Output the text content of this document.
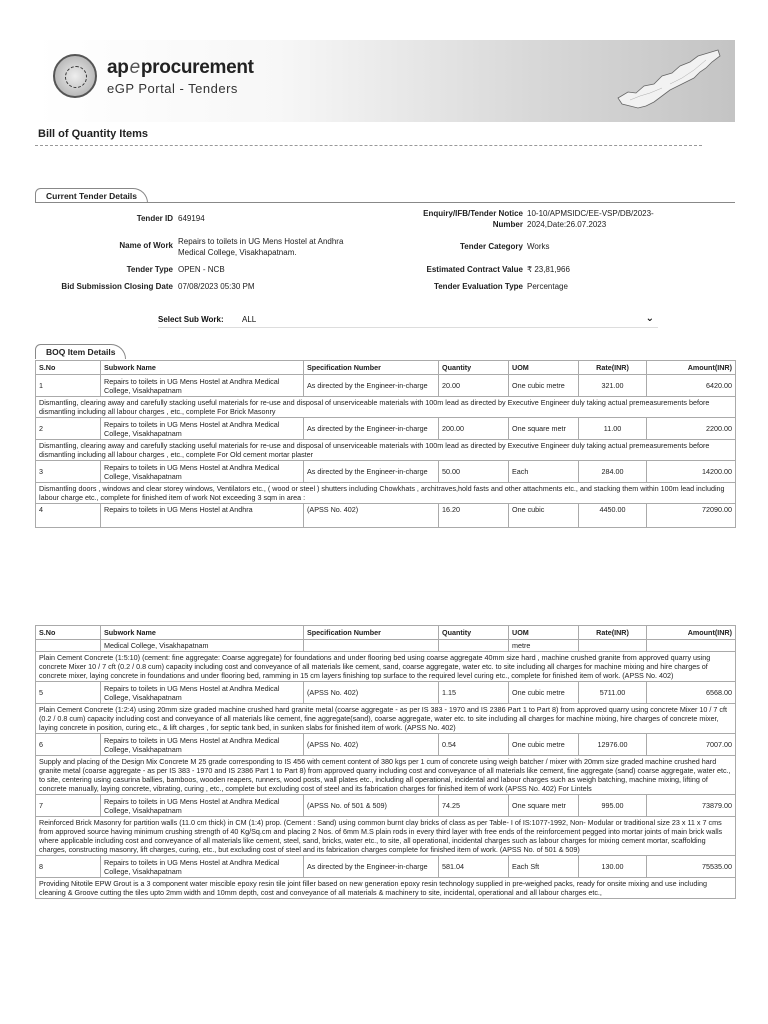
apeprocurement
eGP Portal - Tenders
Bill of Quantity Items
Current Tender Details
Tender ID 649194
Name of Work Repairs to toilets in UG Mens Hostel at Andhra Medical College, Visakhapatnam.
Tender Type OPEN - NCB
Bid Submission Closing Date 07/08/2023 05:30 PM
Enquiry/IFB/Tender Notice
Number
10-10/APMSIDC/EE-VSP/DB/2023-
2024,Date:26.07.2023
Tender Category Works
Estimated Contract Value ₹ 23,81,966
Tender Evaluation Type Percentage
Select Sub Work: ALL	⌄
BOQ Item Details
S.No	Subwork Name	Specification Number	Quantity	UOM	Rate(INR)	Amount(INR)
1	Repairs to toilets in UG Mens Hostel at Andhra Medical College, Visakhapatnam	As directed by the Engineer-in-charge	20.00	One cubic metre	321.00	6420.00
Dismantling, clearing away and carefully stacking useful materials for re-use and disposal of unserviceable materials with 100m lead as directed by Executive Engineer duly taking actual premeasurements before dismantling including all labour charges , etc., complete For Brick Masonry						
2	Repairs to toilets in UG Mens Hostel at Andhra Medical College, Visakhapatnam	As directed by the Engineer-in-charge	200.00	One square metr	11.00	2200.00
Dismantling, clearing away and carefully stacking useful materials for re-use and disposal of unserviceable materials with 100m lead as directed by Executive Engineer duly taking actual premeasurements before dismantling including all labour charges , etc., complete For Old cement mortar plaster						
3	Repairs to toilets in UG Mens Hostel at Andhra Medical College, Visakhapatnam	As directed by the Engineer-in-charge	50.00	Each	284.00	14200.00
Dismantling doors , windows and clear storey windows, Ventilators etc., ( wood or steel ) shutters including Chowkhats , architraves,hold fasts and other attachments etc., and stacking them within 100m lead including labour charge etc., complete for finished item of work Not exceeding 3 sqm in area :						
4	Repairs to toilets in UG Mens Hostel at Andhra	(APSS No. 402)	16.20	One cubic	4450.00	72090.00
S.No	Subwork Name	Specification Number	Quantity	UOM	Rate(INR)	Amount(INR)
	Medical College, Visakhapatnam			metre		
Plain Cement Concrete (1:5:10) (cement: fine aggregate: Coarse aggregate) for foundations and under flooring bed using coarse aggregate 40mm size hard , machine crushed granite from approved quarry using concrete Mixer 10 / 7 cft (0.2 / 0.8 cum) capacity including cost and conveyance of all materials like cement, sand, coarse aggregate, water etc. to site including all charges for machine mixing and hire charges of concrete mixer, laying concrete in foundations and under flooring bed, ramming in 15 cm layers finishing top surface to the required level curing etc., complete for finished item of work. (APSS No. 402)						
5	Repairs to toilets in UG Mens Hostel at Andhra Medical College, Visakhapatnam	(APSS No. 402)	1.15	One cubic metre	5711.00	6568.00
Plain Cement Concrete (1:2:4) using 20mm size graded machine crushed hard granite metal (coarse aggregate - as per IS 383 - 1970 and IS 2386 Part 1 to Part 8) from approved quarry using concrete Mixer 10 / 7 cft (0.2 / 0.8 cum) capacity including cost and conveyance of all materials like cement, fine aggregate(sand), coarse aggregate, water etc. to site including all charges for machine mixing, hire charges of concrete mixer, laying concrete in position, curing etc., & lift charges , for septic tank bed, in sunken slabs for finished item of work. (APSS No. 402)						
6	Repairs to toilets in UG Mens Hostel at Andhra Medical College, Visakhapatnam	(APSS No. 402)	0.54	One cubic metre	12976.00	7007.00
Supply and placing of the Design Mix Concrete M 25 grade corresponding to IS 456 with cement content of 380 kgs per 1 cum of concrete using weigh batcher / mixer with 20mm size graded machine crushed hard granite metal (coarse aggregate - as per IS 383 - 1970 and IS 2386 Part 1 to Part 8) from approved quarry including cost and conveyance of all materials like cement, fine aggregate (sand) coarse aggregate, water etc., to site, centering using casurina ballies, bamboos, wooden reapers, runners, wood posts, wall plates etc., including all operational, incidental and labour charges such as weigh batching, machine mixing, lifting of concrete manually, laying concrete, vibrating, curing , etc., complete but excluding cost of steel and its fabrication charges for finished item of work (APSS No. 402) For Lintels						
7	Repairs to toilets in UG Mens Hostel at Andhra Medical College, Visakhapatnam	(APSS No. of 501 & 509)	74.25	One square metr	995.00	73879.00
Reinforced Brick Masonry for partition walls (11.0 cm thick) in CM (1:4) prop. (Cement : Sand) using common burnt clay bricks of class as per Table- I of IS:1077-1992, Non- Modular or traditional size 23 x 11 x 7 cms from approved source having minimum crushing strength of 40 Kg/Sq.cm and placing 2 Nos. of 6mm M.S plain rods in every third layer with free ends of the reinforcement pegged into mortar joints of main brick walls where applicable including cost and conveyance of all materials like cement, steel, sand, bricks, water etc., to site, all operational, incidental charges such as labour charges for mixing cement mortar, scaffolding charges, constructing masonry, lift charges, curing, etc., but excluding cost of steel and its fabrication charges complete for finished item of work. (APSS No. of 501 & 509)						
8	Repairs to toilets in UG Mens Hostel at Andhra Medical College, Visakhapatnam	As directed by the Engineer-in-charge	581.04	Each Sft	130.00	75535.00
Providing Nitotile EPW Grout is a 3 component water miscible epoxy resin tile joint filler based on new generation epoxy resin technology supplied in pre-weighed packs, ready for onsite mixing and use including cleaning & Groove cutting the tiles upto 2mm width and 10mm depth, cost and conveyance of all materials & machinery to site, incidental, operational and all labour charges etc.,						
